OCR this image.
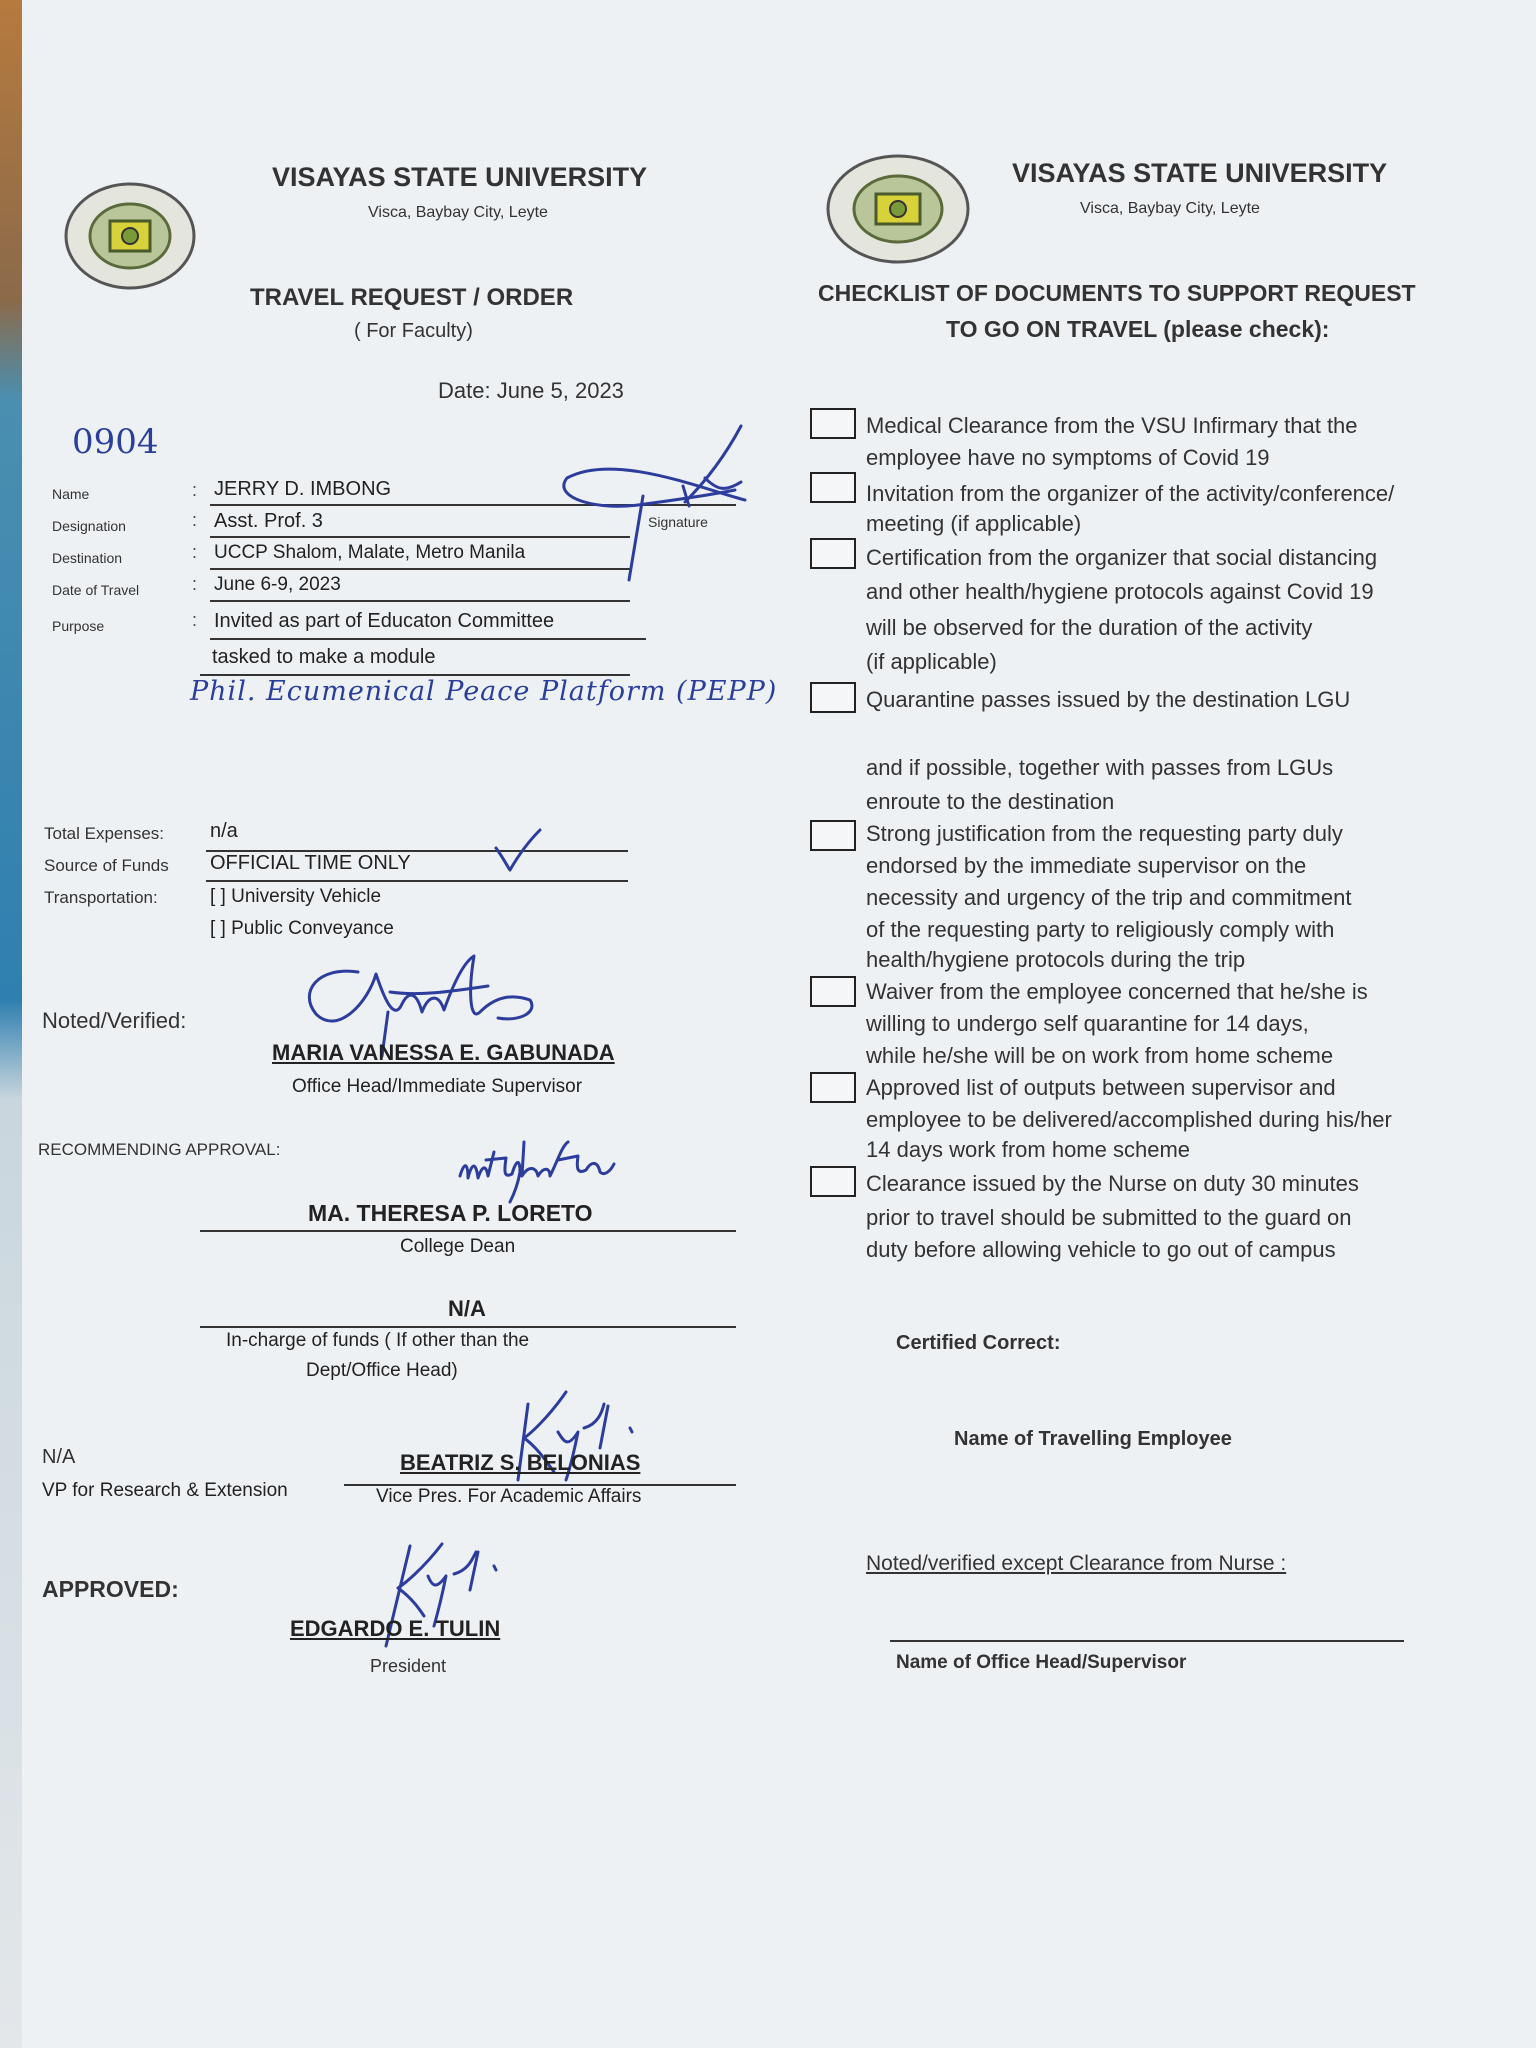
VISAYAS STATE UNIVERSITY
Visca, Baybay City, Leyte
TRAVEL REQUEST / ORDER
( For Faculty)
Date: June 5, 2023
0904
Name	: JERRY D. IMBONG
Designation	: Asst. Prof. 3	Signature
Destination	: UCCP Shalom, Malate, Metro Manila
Date of Travel	: June 6-9, 2023
Purpose	: Invited as part of Educaton Committee
tasked to make a module
Phil. Ecumenical Peace Platform (PEPP)
Total Expenses: n/a
Source of Funds OFFICIAL TIME ONLY
Transportation:	[ ] University Vehicle
[ ] Public Conveyance
Noted/Verified:
MARIA VANESSA E. GABUNADA
Office Head/Immediate Supervisor
RECOMMENDING APPROVAL:
MA. THERESA P. LORETO
College Dean
N/A
In-charge of funds ( If other than the
Dept/Office Head)
N/A
VP for Research & Extension
BEATRIZ S. BELONIAS
Vice Pres. For Academic Affairs
APPROVED:
EDGARDO E. TULIN
President
VISAYAS STATE UNIVERSITY
Visca, Baybay City, Leyte
CHECKLIST OF DOCUMENTS TO SUPPORT REQUEST
TO GO ON TRAVEL (please check):
Medical Clearance from the VSU Infirmary that the
employee have no symptoms of Covid 19
Invitation from the organizer of the activity/conference/
meeting (if applicable)
Certification from the organizer that social distancing
and other health/hygiene protocols against Covid 19
will be observed for the duration of the activity
(if applicable)
Quarantine passes issued by the destination LGU
and if possible, together with passes from LGUs
enroute to the destination
Strong justification from the requesting party duly
endorsed by the immediate supervisor on the
necessity and urgency of the trip and commitment
of the requesting party to religiously comply with
health/hygiene protocols during the trip
Waiver from the employee concerned that he/she is
willing to undergo self quarantine for 14 days,
while he/she will be on work from home scheme
Approved list of outputs between supervisor and
employee to be delivered/accomplished during his/her
14 days work from home scheme
Clearance issued by the Nurse on duty 30 minutes
prior to travel should be submitted to the guard on
duty before allowing vehicle to go out of campus
Certified Correct:
Name of Travelling Employee
Noted/verified except Clearance from Nurse :
Name of Office Head/Supervisor
